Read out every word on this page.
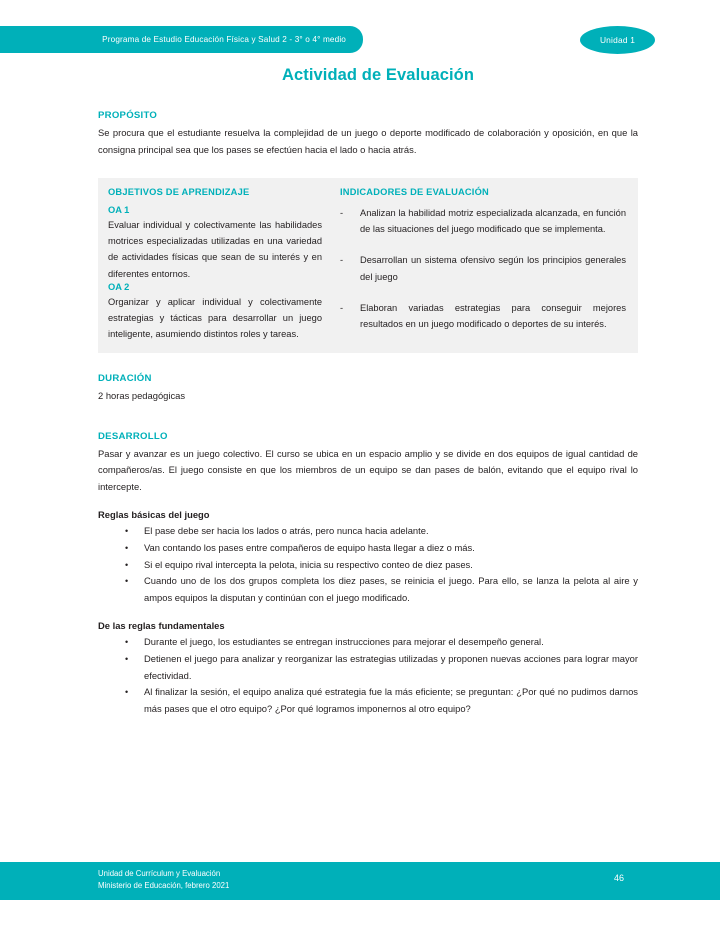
Programa de Estudio Educación Física y Salud 2 - 3° o 4° medio	Unidad 1
Actividad de Evaluación
PROPÓSITO

Se procura que el estudiante resuelva la complejidad de un juego o deporte modificado de colaboración y oposición, en que la consigna principal sea que los pases se efectúen hacia el lado o hacia atrás.

OBJETIVOS DE APRENDIZAJE
OA 1

Evaluar individual y colectivamente las habilidades motrices especializadas utilizadas en una variedad de actividades físicas que sean de su interés y en diferentes entornos.

OA 2

Organizar y aplicar individual y colectivamente estrategias y tácticas para desarrollar un juego inteligente, asumiendo distintos roles y tareas.

INDICADORES DE EVALUACIÓN
-	Analizan la habilidad motriz especializada alcanzada, en función de las situaciones del juego modificado que se implementa.
-	Desarrollan un sistema ofensivo según los principios generales del juego
-	Elaboran variadas estrategias para conseguir mejores resultados en un juego modificado o deportes de su interés.
DURACIÓN

2 horas pedagógicas

DESARROLLO

Pasar y avanzar es un juego colectivo. El curso se ubica en un espacio amplio y se divide en dos equipos de igual cantidad de compañeros/as. El juego consiste en que los miembros de un equipo se dan pases de balón, evitando que el equipo rival lo intercepte.

Reglas básicas del juego
•	El pase debe ser hacia los lados o atrás, pero nunca hacia adelante.
•	Van contando los pases entre compañeros de equipo hasta llegar a diez o más.
•	Si el equipo rival intercepta la pelota, inicia su respectivo conteo de diez pases.
•	Cuando uno de los dos grupos completa los diez pases, se reinicia el juego. Para ello, se lanza la pelota al aire y ampos equipos la disputan y continúan con el juego modificado.
De las reglas fundamentales
•	Durante el juego, los estudiantes se entregan instrucciones para mejorar el desempeño general.
•	Detienen el juego para analizar y reorganizar las estrategias utilizadas y proponen nuevas acciones para lograr mayor efectividad.
•	Al finalizar la sesión, el equipo analiza qué estrategia fue la más eficiente; se preguntan: ¿Por qué no pudimos darnos más pases que el otro equipo? ¿Por qué logramos imponernos al otro equipo?
Unidad de Currículum y Evaluación
Ministerio de Educación, febrero 2021
46
